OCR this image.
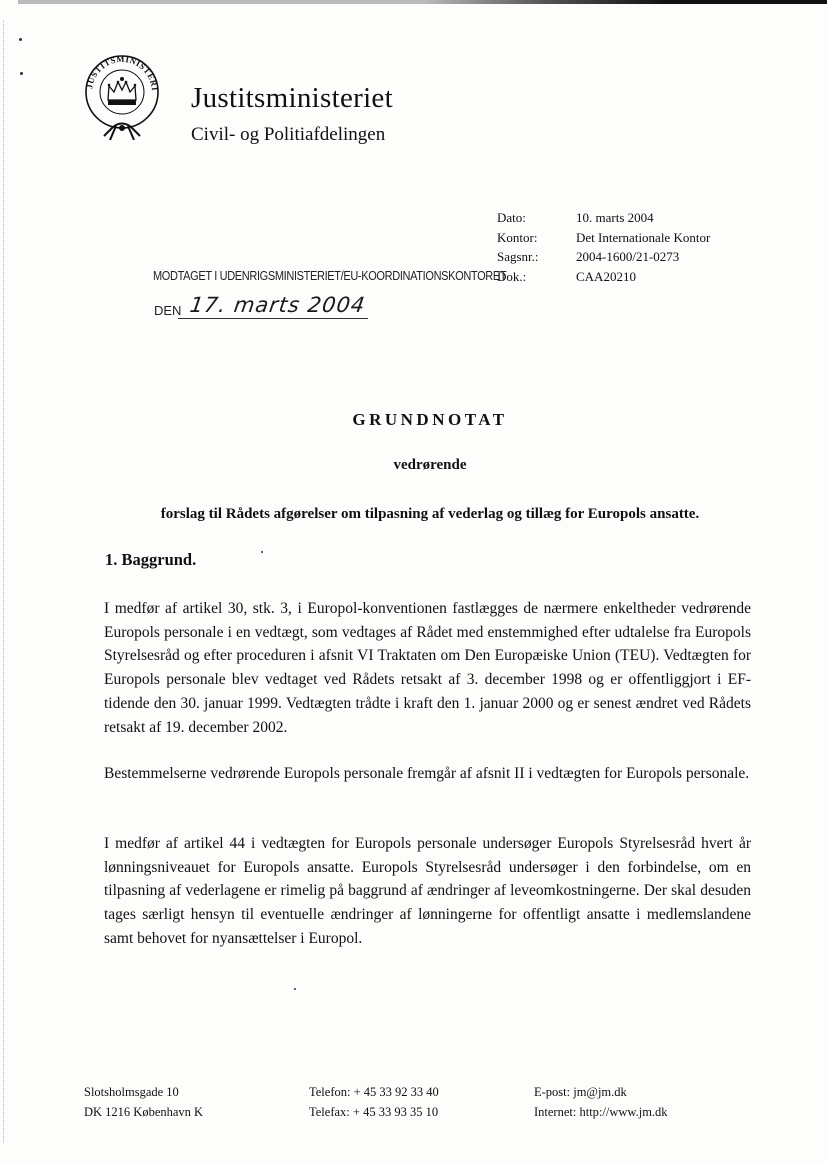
JUSTITSMINISTERI Justitsministeriet
Civil- og Politiafdelingen
Dato:
Kontor:
Sagsnr.:
Dok.:
10. marts 2004
Det Internationale Kontor
2004-1600/21-0273
CAA20210
MODTAGET I UDENRIGSMINISTERIET/EU-KOORDINATIONSKONTORET
DEN 17. marts 2004
GRUNDNOTAT
vedrørende
forslag til Rådets afgørelser om tilpasning af vederlag og tillæg for Europols ansatte.
1. Baggrund.

I medfør af artikel 30, stk. 3, i Europol-konventionen fastlægges de nærmere enkeltheder vedrørende Europols personale i en vedtægt, som vedtages af Rådet med enstemmighed efter udtalelse fra Europols Styrelsesråd og efter proceduren i afsnit VI Traktaten om Den Europæiske Union (TEU). Vedtægten for Europols personale blev vedtaget ved Rådets retsakt af 3. december 1998 og er offentliggjort i EF-tidende den 30. januar 1999. Vedtægten trådte i kraft den 1. januar 2000 og er senest ændret ved Rådets retsakt af 19. december 2002.

Bestemmelserne vedrørende Europols personale fremgår af afsnit II i vedtægten for Europols personale.

I medfør af artikel 44 i vedtægten for Europols personale undersøger Europols Styrelsesråd hvert år lønningsniveauet for Europols ansatte. Europols Styrelsesråd undersøger i den forbindelse, om en tilpasning af vederlagene er rimelig på baggrund af ændringer af leveomkostningerne. Der skal desuden tages særligt hensyn til eventuelle ændringer af lønningerne for offentligt ansatte i medlemslandene samt behovet for nyansættelser i Europol.

Slotsholmsgade 10
DK 1216 København K
Telefon: + 45 33 92 33 40
Telefax: + 45 33 93 35 10
E-post: jm@jm.dk
Internet: http://www.jm.dk
